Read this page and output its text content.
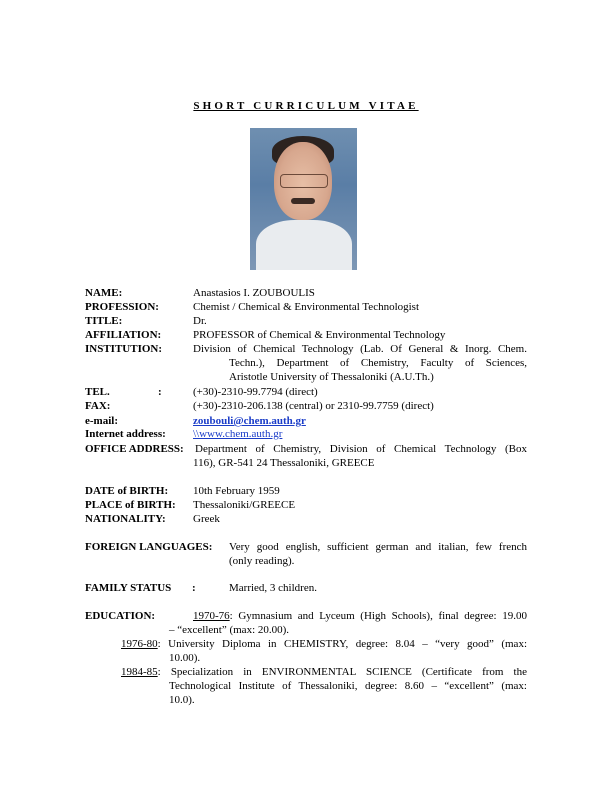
SHORT CURRICULUM VITAE
NAME:	Anastasios I. ZOUBOULIS
PROFESSION:	Chemist / Chemical & Environmental Technologist
TITLE:	Dr.
AFFILIATION:	PROFESSOR of Chemical & Environmental Technology
INSTITUTION:	Division of Chemical Technology (Lab. Of General & Inorg. Chem.
Techn.), Department of Chemistry, Faculty of Sciences,
Aristotle University of Thessaloniki (A.U.Th.)
TEL.	:	(+30)-2310-99.7794 (direct)
FAX:	(+30)-2310-206.138 (central) or 2310-99.7759 (direct)
e-mail:	zoubouli@chem.auth.gr
Internet address: \\www.chem.auth.gr
OFFICE ADDRESS: Department of Chemistry, Division of Chemical Technology (Box
116), GR-541 24 Thessaloniki, GREECE
DATE of BIRTH: 10th February 1959
PLACE of BIRTH: Thessaloniki/GREECE
NATIONALITY: Greek
FOREIGN LANGUAGES: Very good english, sufficient german and italian, few french
(only reading).
FAMILY STATUS :	Married, 3 children.
EDUCATION:	1970-76: Gymnasium and Lyceum (High Schools), final degree: 19.00
– “excellent” (max: 20.00).
1976-80: University Diploma in CHEMISTRY, degree: 8.04 – “very good” (max:
10.00).
1984-85: Specialization in ENVIRONMENTAL SCIENCE (Certificate from the
Technological Institute of Thessaloniki, degree: 8.60 – “excellent” (max:
10.0).
